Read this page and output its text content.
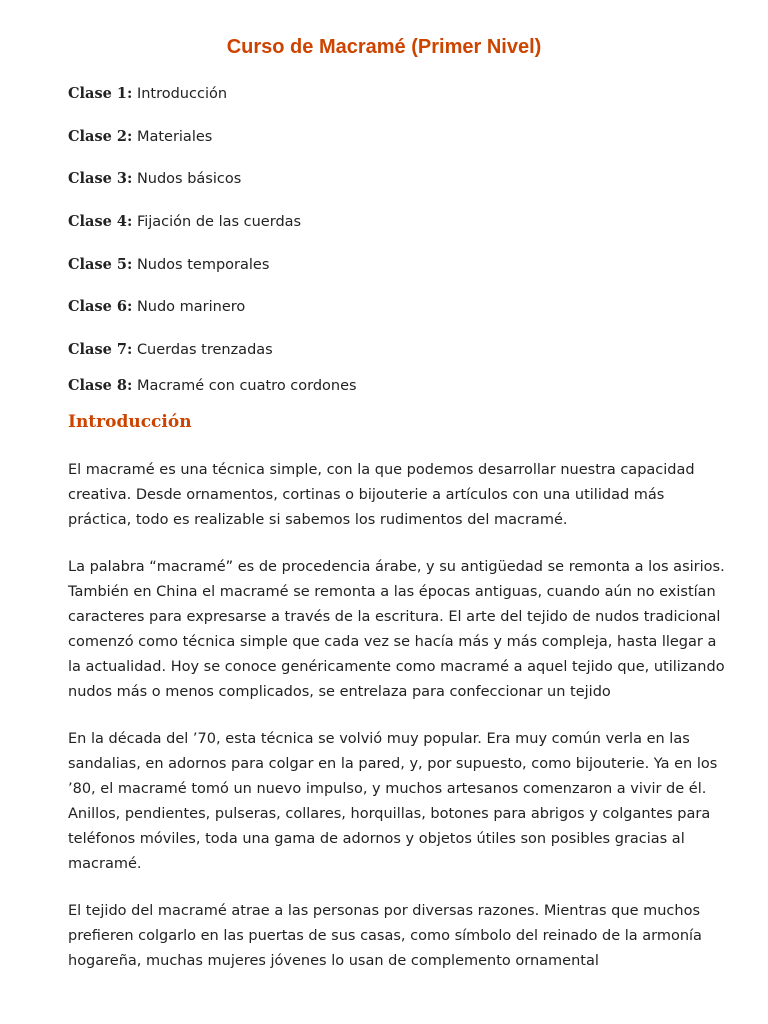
Curso de Macramé (Primer Nivel)
Clase 1: Introducción
Clase 2: Materiales
Clase 3: Nudos básicos
Clase 4: Fijación de las cuerdas
Clase 5: Nudos temporales
Clase 6: Nudo marinero
Clase 7: Cuerdas trenzadas
Clase 8: Macramé con cuatro cordones
Introducción

El macramé es una técnica simple, con la que podemos desarrollar nuestra capacidad creativa. Desde ornamentos, cortinas o bijouterie a artículos con una utilidad más práctica, todo es realizable si sabemos los rudimentos del macramé.

La palabra “macramé” es de procedencia árabe, y su antigüedad se remonta a los asirios. También en China el macramé se remonta a las épocas antiguas, cuando aún no existían caracteres para expresarse a través de la escritura. El arte del tejido de nudos tradicional comenzó como técnica simple que cada vez se hacía más y más compleja, hasta llegar a la actualidad. Hoy se conoce genéricamente como macramé a aquel tejido que, utilizando nudos más o menos complicados, se entrelaza para confeccionar un tejido

En la década del ’70, esta técnica se volvió muy popular. Era muy común verla en las sandalias, en adornos para colgar en la pared, y, por supuesto, como bijouterie. Ya en los ’80, el macramé tomó un nuevo impulso, y muchos artesanos comenzaron a vivir de él. Anillos, pendientes, pulseras, collares, horquillas, botones para abrigos y colgantes para teléfonos móviles, toda una gama de adornos y objetos útiles son posibles gracias al macramé.

El tejido del macramé atrae a las personas por diversas razones. Mientras que muchos prefieren colgarlo en las puertas de sus casas, como símbolo del reinado de la armonía hogareña, muchas mujeres jóvenes lo usan de complemento ornamental
